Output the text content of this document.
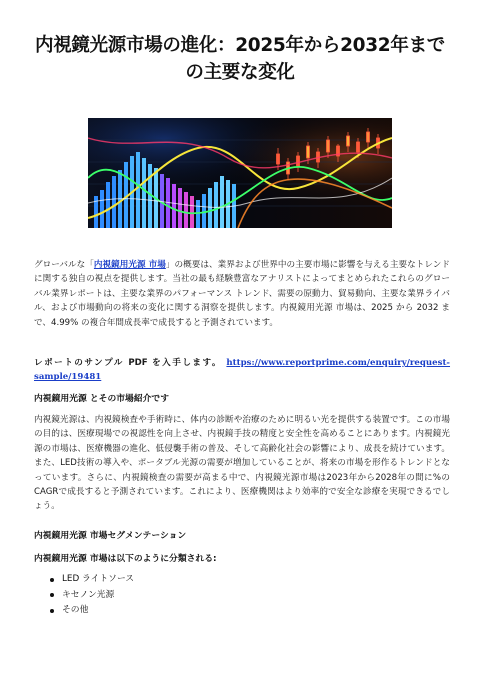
内視鏡光源市場の進化：2025年から2032年までの主要な変化

グローバルな「内視鏡用光源 市場」の概要は、業界および世界中の主要市場に影響を与える主要なトレンドに関する独自の視点を提供します。当社の最も経験豊富なアナリストによってまとめられたこれらのグローバル業界レポートは、主要な業界のパフォーマンス トレンド、需要の原動力、貿易動向、主要な業界ライバル、および市場動向の将来の変化に関する洞察を提供します。内視鏡用光源 市場は、2025 から 2032 まで、4.99% の複合年間成長率で成長すると予測されています。

レポートのサンプル PDF を入手します。 https://www.reportprime.com/enquiry/request-sample/19481

内視鏡用光源 とその市場紹介です

内視鏡光源は、内視鏡検査や手術時に、体内の診断や治療のために明るい光を提供する装置です。この市場の目的は、医療現場での視認性を向上させ、内視鏡手技の精度と安全性を高めることにあります。内視鏡光源の市場は、医療機器の進化、低侵襲手術の普及、そして高齢化社会の影響により、成長を続けています。また、LED技術の導入や、ポータブル光源の需要が増加していることが、将来の市場を形作るトレンドとなっています。さらに、内視鏡検査の需要が高まる中で、内視鏡光源市場は2023年から2028年の間に%のCAGRで成長すると予測されています。これにより、医療機関はより効率的で安全な診療を実現できるでしょう。

内視鏡用光源 市場セグメンテーション
内視鏡用光源 市場は以下のように分類される:
LED ライトソース
キセノン光源
その他
